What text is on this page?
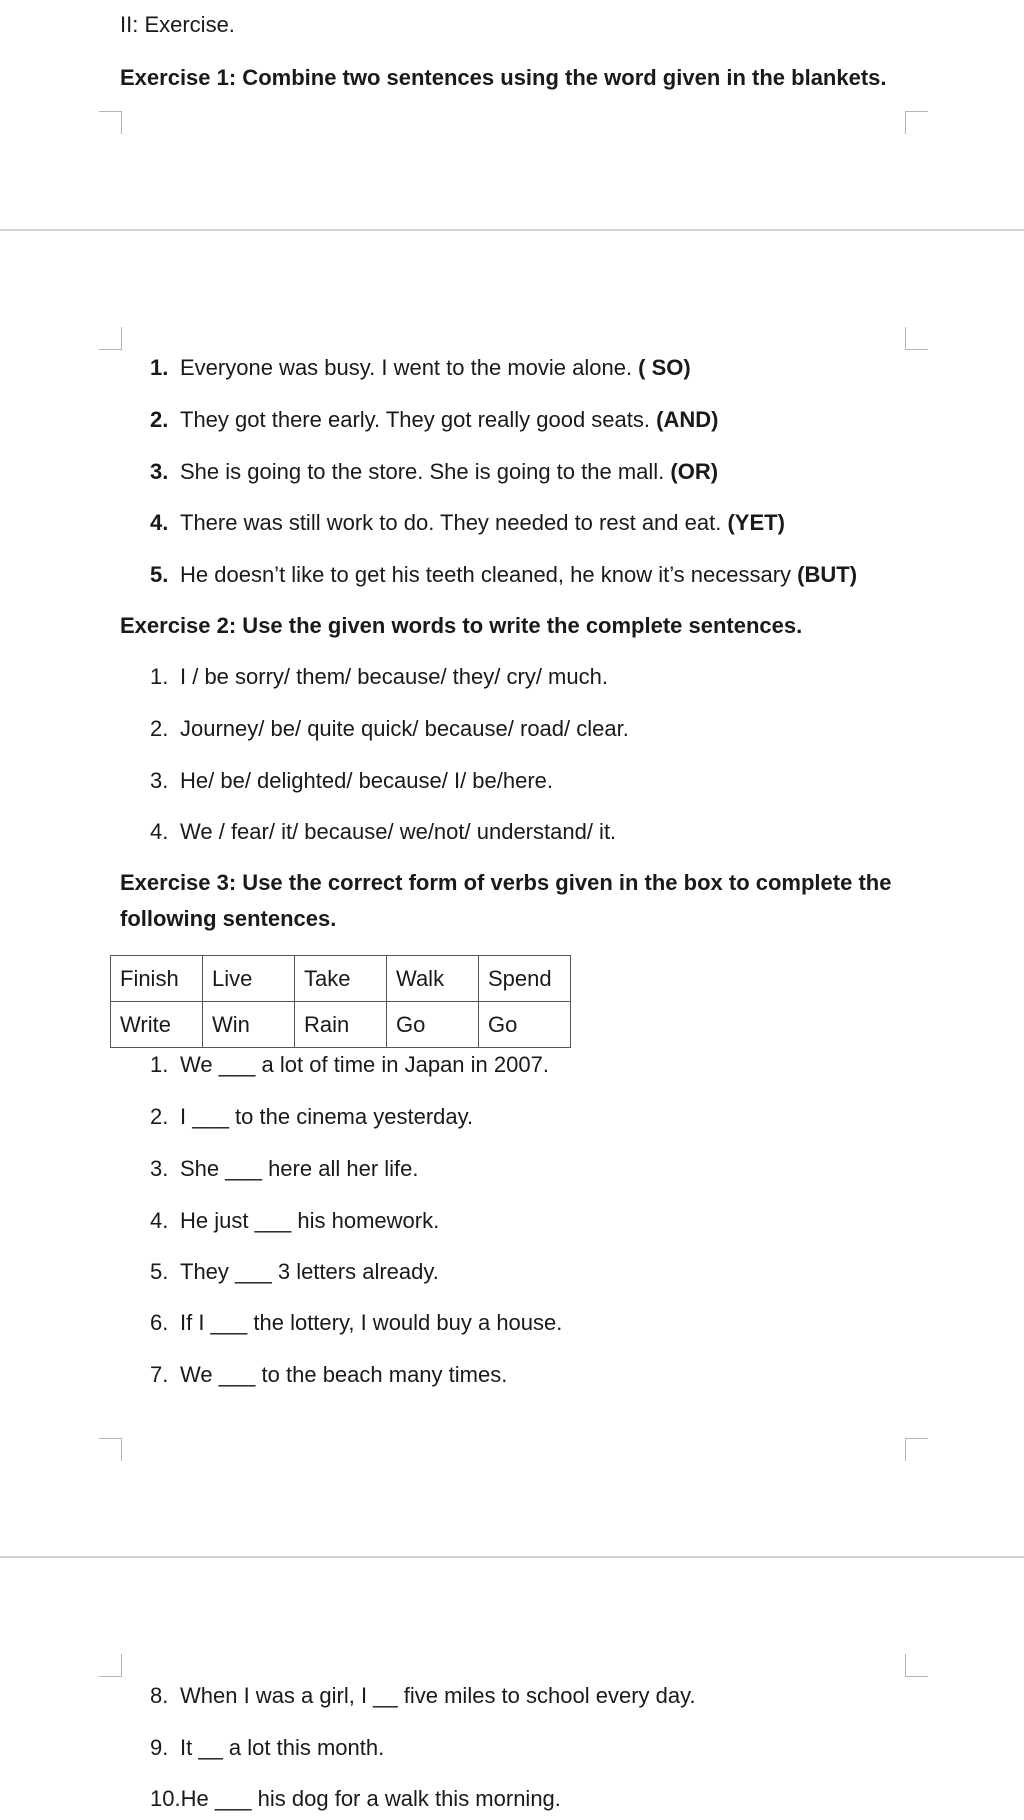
II: Exercise.
Exercise 1: Combine two sentences using the word given in the blankets.
1. Everyone was busy. I went to the movie alone. ( SO)
2. They got there early. They got really good seats. (AND)
3. She is going to the store. She is going to the mall. (OR)
4. There was still work to do. They needed to rest and eat. (YET)
5. He doesn’t like to get his teeth cleaned, he know it’s necessary (BUT)
Exercise 2: Use the given words to write the complete sentences.
1. I / be sorry/ them/ because/ they/ cry/ much.
2. Journey/ be/ quite quick/ because/ road/ clear.
3. He/ be/ delighted/ because/ I/ be/here.
4. We / fear/ it/ because/ we/not/ understand/ it.
Exercise 3: Use the correct form of verbs given in the box to complete the
following sentences.
Finish	Live	Take	Walk	Spend
Write	Win	Rain	Go	Go
1. We ___ a lot of time in Japan in 2007.
2. I ___ to the cinema yesterday.
3. She ___ here all her life.
4. He just ___ his homework.
5. They ___ 3 letters already.
6. If I ___ the lottery, I would buy a house.
7. We ___ to the beach many times.
8. When I was a girl, I __ five miles to school every day.
9. It __ a lot this month.
10.He ___ his dog for a walk this morning.
